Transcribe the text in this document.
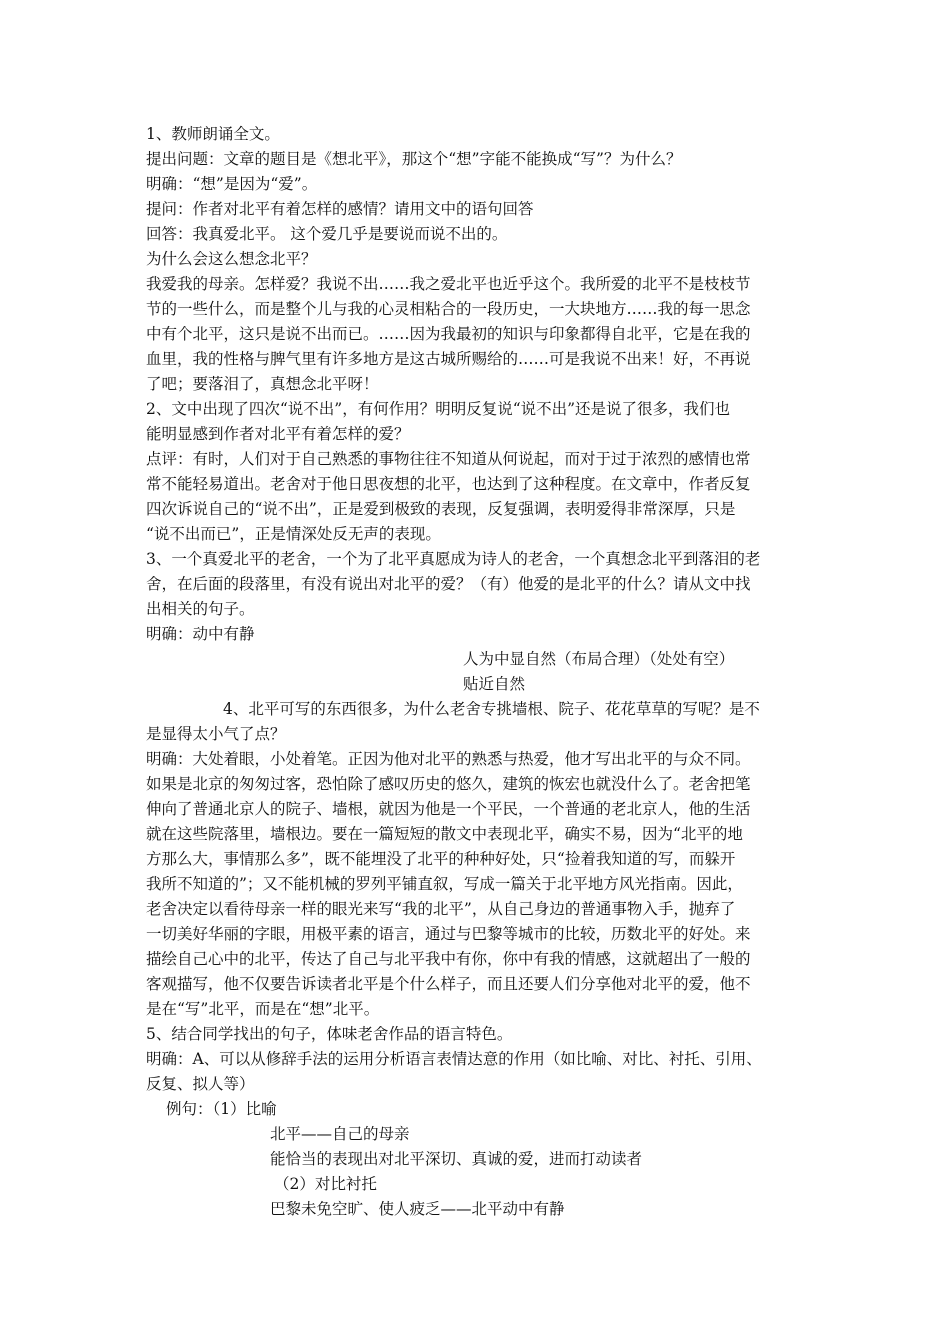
1、教师朗诵全文。
提出问题：文章的题目是《想北平》，那这个“想”字能不能换成“写”？为什么？
明确：“想”是因为“爱”。
提问：作者对北平有着怎样的感情？请用文中的语句回答
回答：我真爱北平。 这个爱几乎是要说而说不出的。
为什么会这么想念北平？
我爱我的母亲。怎样爱？我说不出……我之爱北平也近乎这个。我所爱的北平不是枝枝节
节的一些什么，而是整个儿与我的心灵相粘合的一段历史，一大块地方……我的每一思念
中有个北平，这只是说不出而已。……因为我最初的知识与印象都得自北平，它是在我的
血里，我的性格与脾气里有许多地方是这古城所赐给的……可是我说不出来！好，不再说
了吧；要落泪了，真想念北平呀！
2、文中出现了四次“说不出”，有何作用？明明反复说“说不出”还是说了很多，我们也
能明显感到作者对北平有着怎样的爱？
点评：有时，人们对于自己熟悉的事物往往不知道从何说起，而对于过于浓烈的感情也常
常不能轻易道出。老舍对于他日思夜想的北平，也达到了这种程度。在文章中，作者反复
四次诉说自己的“说不出”，正是爱到极致的表现，反复强调，表明爱得非常深厚，只是
“说不出而已”，正是情深处反无声的表现。
3、一个真爱北平的老舍，一个为了北平真愿成为诗人的老舍，一个真想念北平到落泪的老
舍，在后面的段落里，有没有说出对北平的爱？（有）他爱的是北平的什么？请从文中找
出相关的句子。
明确：动中有静
人为中显自然（布局合理）（处处有空）
贴近自然
4、北平可写的东西很多，为什么老舍专挑墙根、院子、花花草草的写呢？是不
是显得太小气了点？
明确：大处着眼，小处着笔。正因为他对北平的熟悉与热爱，他才写出北平的与众不同。
如果是北京的匆匆过客，恐怕除了感叹历史的悠久，建筑的恢宏也就没什么了。老舍把笔
伸向了普通北京人的院子、墙根，就因为他是一个平民，一个普通的老北京人，他的生活
就在这些院落里，墙根边。要在一篇短短的散文中表现北平，确实不易，因为“北平的地
方那么大，事情那么多”，既不能埋没了北平的种种好处，只“捡着我知道的写，而躲开
我所不知道的”；又不能机械的罗列平铺直叙，写成一篇关于北平地方风光指南。因此，
老舍决定以看待母亲一样的眼光来写“我的北平”，从自己身边的普通事物入手，抛弃了
一切美好华丽的字眼，用极平素的语言，通过与巴黎等城市的比较，历数北平的好处。来
描绘自己心中的北平，传达了自己与北平我中有你，你中有我的情感，这就超出了一般的
客观描写，他不仅要告诉读者北平是个什么样子，而且还要人们分享他对北平的爱，他不
是在“写”北平，而是在“想”北平。
5、结合同学找出的句子，体味老舍作品的语言特色。
明确：A、可以从修辞手法的运用分析语言表情达意的作用（如比喻、对比、衬托、引用、
反复、拟人等）
例句：（1）比喻
北平——自己的母亲
能恰当的表现出对北平深切、真诚的爱，进而打动读者
（2）对比衬托
巴黎未免空旷、使人疲乏——北平动中有静
